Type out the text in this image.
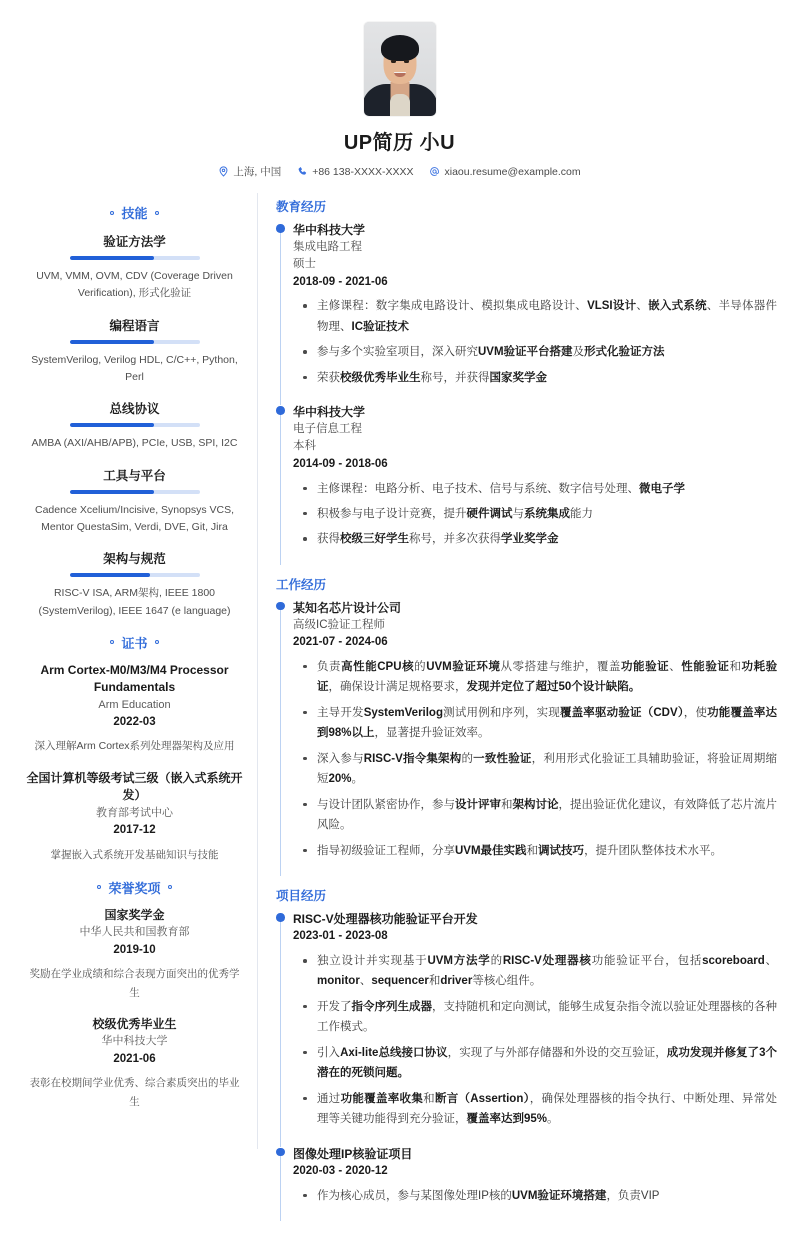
UP简历 小U
上海, 中国	+86 138-XXXX-XXXX	xiaou.resume@example.com
技能
验证方法学
UVM, VMM, OVM, CDV (Coverage Driven Verification), 形式化验证
编程语言
SystemVerilog, Verilog HDL, C/C++, Python, Perl
总线协议
AMBA (AXI/AHB/APB), PCIe, USB, SPI, I2C
工具与平台
Cadence Xcelium/Incisive, Synopsys VCS, Mentor QuestaSim, Verdi, DVE, Git, Jira
架构与规范
RISC-V ISA, ARM架构, IEEE 1800 (SystemVerilog), IEEE 1647 (e language)
证书
Arm Cortex-M0/M3/M4 Processor Fundamentals
Arm Education
2022-03
深入理解Arm Cortex系列处理器架构及应用
全国计算机等级考试三级（嵌入式系统开发）
教育部考试中心
2017-12
掌握嵌入式系统开发基础知识与技能
荣誉奖项
国家奖学金
中华人民共和国教育部
2019-10
奖励在学业成绩和综合表现方面突出的优秀学生
校级优秀毕业生
华中科技大学
2021-06
表彰在校期间学业优秀、综合素质突出的毕业生
教育经历
华中科技大学
集成电路工程
硕士
2018-09 - 2021-06
主修课程：数字集成电路设计、模拟集成电路设计、VLSI设计、嵌入式系统、半导体器件物理、IC验证技术
参与多个实验室项目，深入研究UVM验证平台搭建及形式化验证方法
荣获校级优秀毕业生称号，并获得国家奖学金
华中科技大学
电子信息工程
本科
2014-09 - 2018-06
主修课程：电路分析、电子技术、信号与系统、数字信号处理、微电子学
积极参与电子设计竞赛，提升硬件调试与系统集成能力
获得校级三好学生称号，并多次获得学业奖学金
工作经历
某知名芯片设计公司
高级IC验证工程师
2021-07 - 2024-06
负责高性能CPU核的UVM验证环境从零搭建与维护，覆盖功能验证、性能验证和功耗验证，确保设计满足规格要求，发现并定位了超过50个设计缺陷。
主导开发SystemVerilog测试用例和序列，实现覆盖率驱动验证（CDV），使功能覆盖率达到98%以上，显著提升验证效率。
深入参与RISC-V指令集架构的一致性验证，利用形式化验证工具辅助验证，将验证周期缩短20%。
与设计团队紧密协作，参与设计评审和架构讨论，提出验证优化建议，有效降低了芯片流片风险。
指导初级验证工程师，分享UVM最佳实践和调试技巧，提升团队整体技术水平。
项目经历
RISC-V处理器核功能验证平台开发
2023-01 - 2023-08
独立设计并实现基于UVM方法学的RISC-V处理器核功能验证平台，包括scoreboard、monitor、sequencer和driver等核心组件。
开发了指令序列生成器，支持随机和定向测试，能够生成复杂指令流以验证处理器核的各种工作模式。
引入Axi-lite总线接口协议，实现了与外部存储器和外设的交互验证，成功发现并修复了3个潜在的死锁问题。
通过功能覆盖率收集和断言（Assertion），确保处理器核的指令执行、中断处理、异常处理等关键功能得到充分验证，覆盖率达到95%。
图像处理IP核验证项目
2020-03 - 2020-12
作为核心成员，参与某图像处理IP核的UVM验证环境搭建，负责VIP
